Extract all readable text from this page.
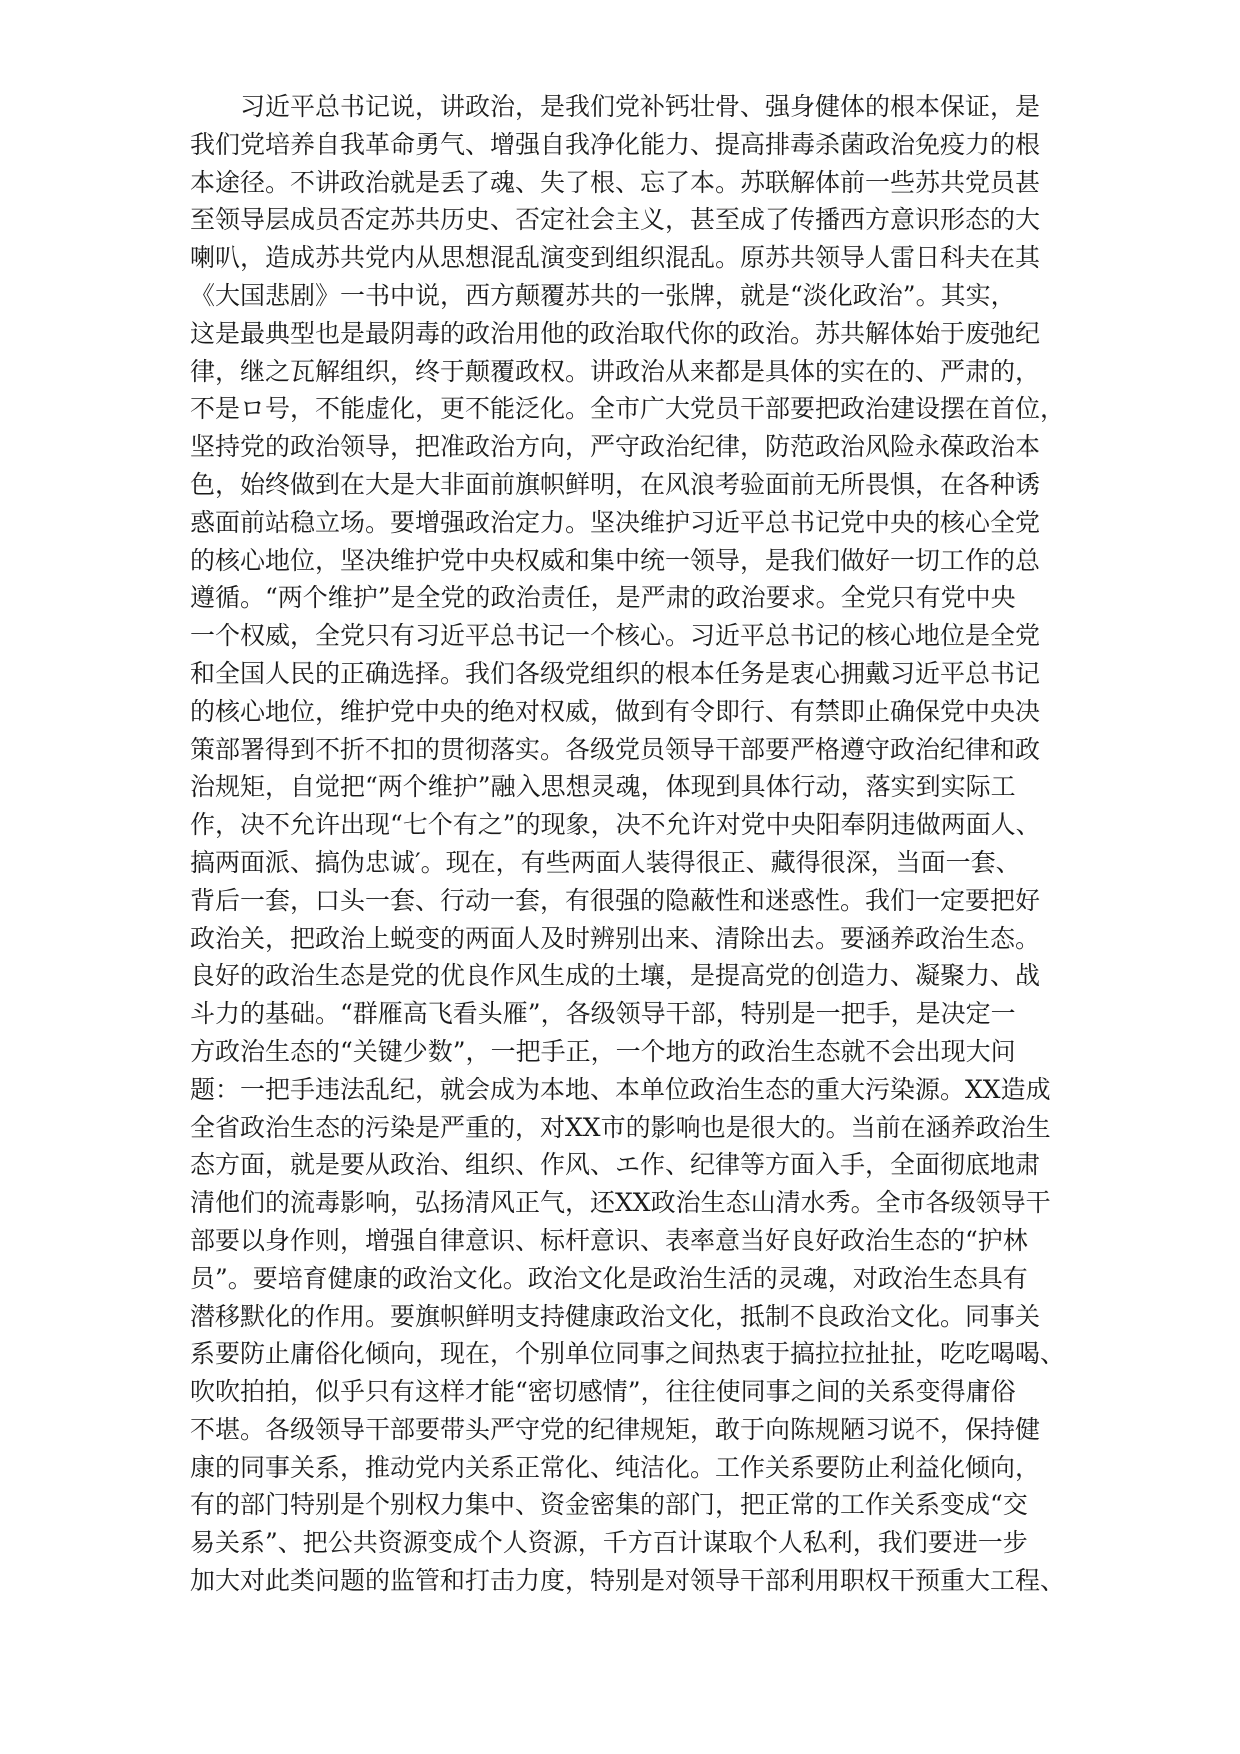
习近平总书记说，讲政治，是我们党补钙壮骨、强身健体的根本保证，是
我们党培养自我革命勇气、增强自我净化能力、提高排毒杀菌政治免疫力的根
本途径。不讲政治就是丢了魂、失了根、忘了本。苏联解体前一些苏共党员甚
至领导层成员否定苏共历史、否定社会主义，甚至成了传播西方意识形态的大
喇叭，造成苏共党内从思想混乱演变到组织混乱。原苏共领导人雷日科夫在其
《大国悲剧》一书中说，西方颠覆苏共的一张牌，就是“淡化政治”。其实，
这是最典型也是最阴毒的政治用他的政治取代你的政治。苏共解体始于废弛纪
律，继之瓦解组织，终于颠覆政权。讲政治从来都是具体的实在的、严肃的，
不是ロ号，不能虚化，更不能泛化。全市广大党员干部要把政治建设摆在首位，
坚持党的政治领导，把准政治方向，严守政治纪律，防范政治风险永葆政治本
色，始终做到在大是大非面前旗帜鲜明，在风浪考验面前无所畏惧，在各种诱
惑面前站稳立场。要增强政治定力。坚决维护习近平总书记党中央的核心全党
的核心地位，坚决维护党中央权威和集中统一领导，是我们做好一切工作的总
遵循。“两个维护”是全党的政治责任，是严肃的政治要求。全党只有党中央
一个权威，全党只有习近平总书记一个核心。习近平总书记的核心地位是全党
和全国人民的正确选择。我们各级党组织的根本任务是衷心拥戴习近平总书记
的核心地位，维护党中央的绝对权威，做到有令即行、有禁即止确保党中央决
策部署得到不折不扣的贯彻落实。各级党员领导干部要严格遵守政治纪律和政
治规矩，自觉把“两个维护”融入思想灵魂，体现到具体行动，落实到实际工
作，决不允许出现“七个有之”的现象，决不允许对党中央阳奉阴违做两面人、
搞两面派、搞伪忠诚′。现在，有些两面人装得很正、藏得很深，当面一套、
背后一套，口头一套、行动一套，有很强的隐蔽性和迷惑性。我们一定要把好
政治关，把政治上蜕变的两面人及时辨别出来、清除出去。要涵养政治生态。
良好的政治生态是党的优良作风生成的土壤，是提高党的创造力、凝聚力、战
斗力的基础。“群雁高飞看头雁”，各级领导干部，特别是一把手，是决定一
方政治生态的“关键少数”，一把手正，一个地方的政治生态就不会出现大问
题：一把手违法乱纪，就会成为本地、本单位政治生态的重大污染源。XX造成
全省政治生态的污染是严重的，对XX市的影响也是很大的。当前在涵养政治生
态方面，就是要从政治、组织、作风、エ作、纪律等方面入手，全面彻底地肃
清他们的流毒影响，弘扬清风正气，还XX政治生态山清水秀。全市各级领导干
部要以身作则，增强自律意识、标杆意识、表率意当好良好政治生态的“护林
员”。要培育健康的政治文化。政治文化是政治生活的灵魂，对政治生态具有
潜移默化的作用。要旗帜鲜明支持健康政治文化，抵制不良政治文化。同事关
系要防止庸俗化倾向，现在，个别单位同事之间热衷于搞拉拉扯扯，吃吃喝喝、
吹吹拍拍，似乎只有这样才能“密切感情”，往往使同事之间的关系变得庸俗
不堪。各级领导干部要带头严守党的纪律规矩，敢于向陈规陋习说不，保持健
康的同事关系，推动党内关系正常化、纯洁化。工作关系要防止利益化倾向，
有的部门特别是个别权力集中、资金密集的部门，把正常的工作关系变成“交
易关系”、把公共资源变成个人资源，千方百计谋取个人私利，我们要进一步
加大对此类问题的监管和打击力度，特别是对领导干部利用职权干预重大工程、
